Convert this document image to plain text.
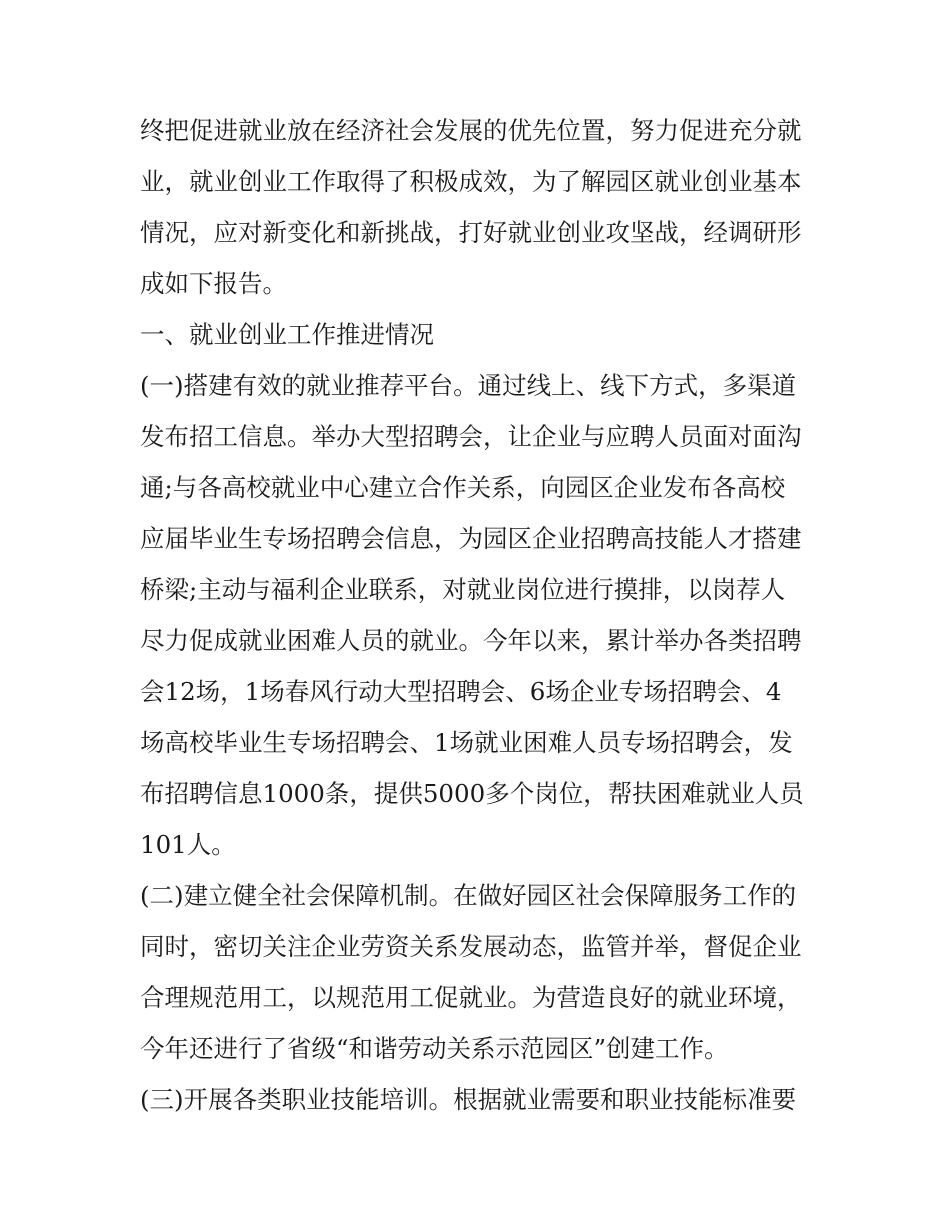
终把促进就业放在经济社会发展的优先位置，努力促进充分就
业，就业创业工作取得了积极成效，为了解园区就业创业基本
情况，应对新变化和新挑战，打好就业创业攻坚战，经调研形
成如下报告。
一、就业创业工作推进情况
(一)搭建有效的就业推荐平台。通过线上、线下方式，多渠道
发布招工信息。举办大型招聘会，让企业与应聘人员面对面沟
通;与各高校就业中心建立合作关系，向园区企业发布各高校
应届毕业生专场招聘会信息，为园区企业招聘高技能人才搭建
桥梁;主动与福利企业联系，对就业岗位进行摸排，以岗荐人
尽力促成就业困难人员的就业。今年以来，累计举办各类招聘
会12场，1场春风行动大型招聘会、6场企业专场招聘会、4
场高校毕业生专场招聘会、1场就业困难人员专场招聘会，发
布招聘信息1000条，提供5000多个岗位，帮扶困难就业人员
101人。
(二)建立健全社会保障机制。在做好园区社会保障服务工作的
同时，密切关注企业劳资关系发展动态，监管并举，督促企业
合理规范用工，以规范用工促就业。为营造良好的就业环境，
今年还进行了省级“和谐劳动关系示范园区”创建工作。
(三)开展各类职业技能培训。根据就业需要和职业技能标准要
